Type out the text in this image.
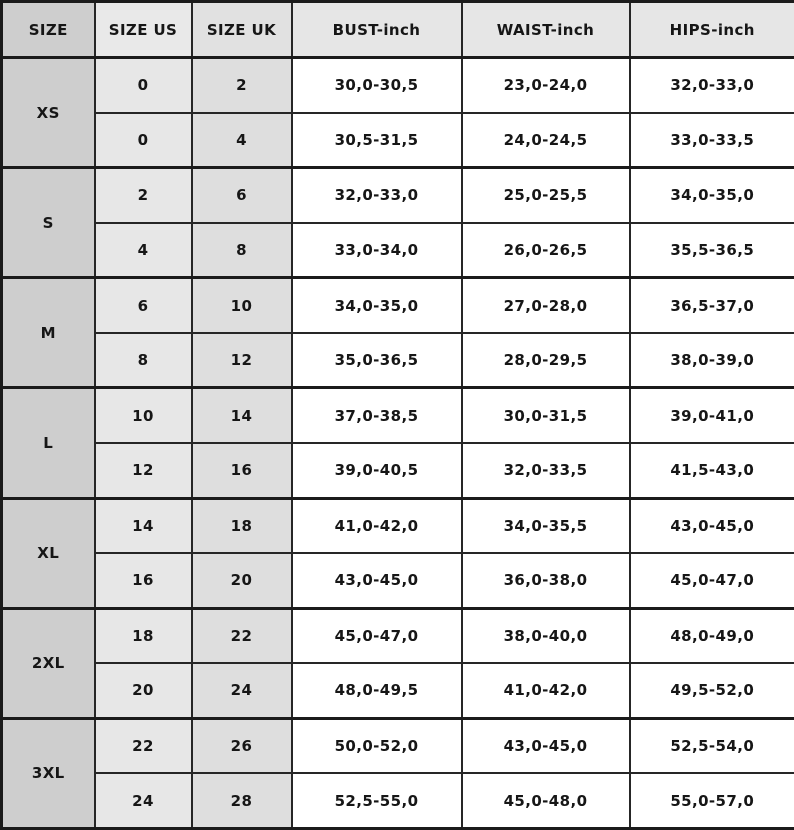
SIZE	SIZE US	SIZE UK	BUST-inch	WAIST-inch	HIPS-inch
XS	0	2	30,0-30,5	23,0-24,0	32,0-33,0
	0	4	30,5-31,5	24,0-24,5	33,0-33,5
S	2	6	32,0-33,0	25,0-25,5	34,0-35,0
	4	8	33,0-34,0	26,0-26,5	35,5-36,5
M	6	10	34,0-35,0	27,0-28,0	36,5-37,0
	8	12	35,0-36,5	28,0-29,5	38,0-39,0
L	10	14	37,0-38,5	30,0-31,5	39,0-41,0
	12	16	39,0-40,5	32,0-33,5	41,5-43,0
XL	14	18	41,0-42,0	34,0-35,5	43,0-45,0
	16	20	43,0-45,0	36,0-38,0	45,0-47,0
2XL	18	22	45,0-47,0	38,0-40,0	48,0-49,0
	20	24	48,0-49,5	41,0-42,0	49,5-52,0
3XL	22	26	50,0-52,0	43,0-45,0	52,5-54,0
	24	28	52,5-55,0	45,0-48,0	55,0-57,0
